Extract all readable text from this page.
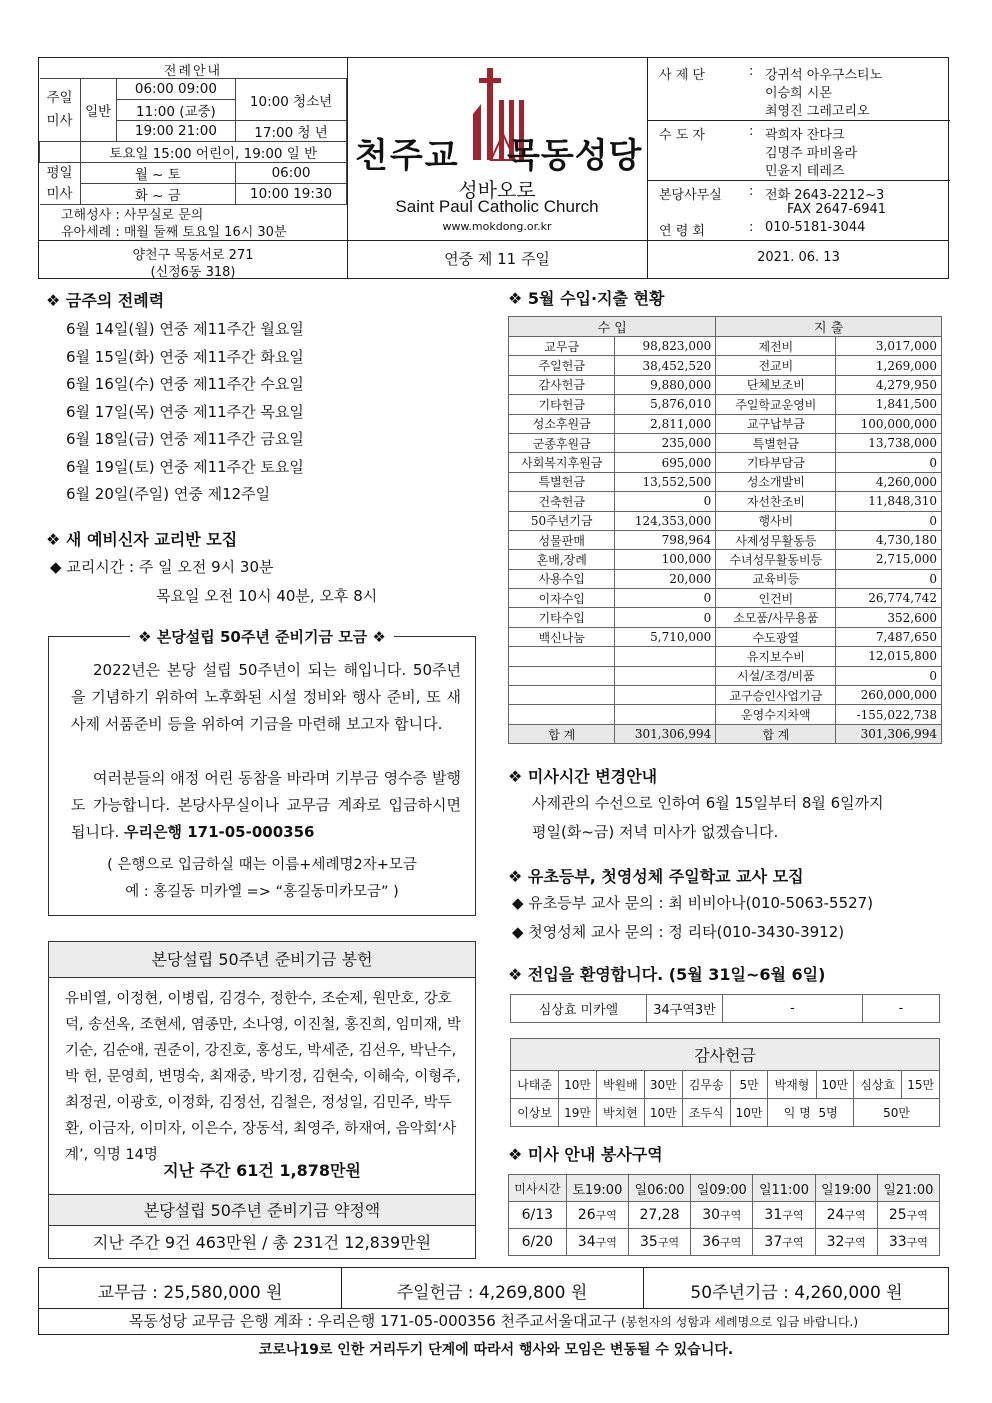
전례안내
주일
미사	일반	06:00 09:00	10:00 청소년
		11:00 (교중)	
		19:00 21:00	17:00 청 년
	토요일 15:00 어린이, 19:00 일 반		
평일
미사	월 ~ 토		06:00
	화 ~ 금		10:00 19:30
고해성사 : 사무실로 문의
유아세례 : 매월 둘째 토요일 16시 30분
양천구 목동서로 271
(신정6동 318)
천주교 목동성당
성바오로
Saint Paul Catholic Church
www.mokdong.or.kr
연중 제 11 주일
사 제 단	: 강귀석 아우구스티노
이승희 시몬
최영진 그레고리오
수 도 자	: 곽희자 잔다크
김명주 파비올라
민윤지 테레즈
본당사무실 : 전화 2643-2212~3
FAX 2647-6941
연 령 회	: 010-5181-3044
2021. 06. 13
❖ 금주의 전례력
6월 14일(월) 연중 제11주간 월요일
6월 15일(화) 연중 제11주간 화요일
6월 16일(수) 연중 제11주간 수요일
6월 17일(목) 연중 제11주간 목요일
6월 18일(금) 연중 제11주간 금요일
6월 19일(토) 연중 제11주간 토요일
6월 20일(주일) 연중 제12주일
❖ 새 예비신자 교리반 모집
◆ 교리시간 : 주 일 오전 9시 30분
목요일 오전 10시 40분, 오후 8시
❖ 본당설립 50주년 준비기금 모금 ❖
2022년은 본당 설립 50주년이 되는 해입니다. 50주년을 기념하기 위하여 노후화된 시설 정비와 행사 준비, 또 새사제 서품준비 등을 위하여 기금을 마련해 보고자 합니다.
여러분들의 애정 어린 동참을 바라며 기부금 영수증 발행도 가능합니다. 본당사무실이나 교무금 계좌로 입금하시면 됩니다. 우리은행 171-05-000356
( 은행으로 입금하실 때는 이름+세례명2자+모금
예 : 홍길동 미카엘 => “홍길동미카모금” )
본당설립 50주년 준비기금 봉헌
유비열, 이정현, 이병립, 김경수, 정한수, 조순제, 원만호, 강호덕, 송선옥, 조현세, 염종만, 소나영, 이진철, 홍진희, 임미재, 박기순, 김순애, 권준이, 강진호, 홍성도, 박세준, 김선우, 박난수, 박 헌, 문영희, 변명숙, 최재중, 박기정, 김현숙, 이해숙, 이형주, 최정권, 이광호, 이정화, 김정선, 김철은, 정성일, 김민주, 박두환, 이금자, 이미자, 이은수, 장동석, 최영주, 하재여, 음악회‘사계’, 익명 14명
지난 주간 61건 1,878만원
본당설립 50주년 준비기금 약정액
지난 주간 9건 463만원 / 총 231건 12,839만원
❖ 5월 수입·지출 현황
수 입		지 출	
교무금	98,823,000	제전비	3,017,000
주일헌금	38,452,520	전교비	1,269,000
감사헌금	9,880,000	단체보조비	4,279,950
기타헌금	5,876,010	주일학교운영비	1,841,500
성소후원금	2,811,000	교구납부금	100,000,000
군종후원금	235,000	특별헌금	13,738,000
사회복지후원금	695,000	기타부담금	0
특별헌금	13,552,500	성소개발비	4,260,000
건축헌금	0	자선찬조비	11,848,310
50주년기금	124,353,000	행사비	0
성물판매	798,964	사제성무활동등	4,730,180
혼배,장례	100,000	수녀성무활동비등	2,715,000
사용수입	20,000	교육비등	0
이자수입	0	인건비	26,774,742
기타수입	0	소모품/사무용품	352,600
백신나눔	5,710,000	수도광열	7,487,650
		유지보수비	12,015,800
		시설/조경/비품	0
		교구승인사업기금	260,000,000
		운영수지차액	-155,022,738
합 계	301,306,994	합 계	301,306,994
❖ 미사시간 변경안내
사제관의 수선으로 인하여 6월 15일부터 8월 6일까지
평일(화~금) 저녁 미사가 없겠습니다.
❖ 유초등부, 첫영성체 주일학교 교사 모집
◆ 유초등부 교사 문의 : 최 비비아나(010-5063-5527)
◆ 첫영성체 교사 문의 : 정 리타(010-3430-3912)
❖ 전입을 환영합니다. (5월 31일~6월 6일)
심상효 미카엘	34구역3반	-	-
감사헌금									
나태준	10만	박원배	30만	김무송	5만	박재형	10만	심상효	15만
이상보	19만	박치현	10만	조두식	10만	익 명 5명		50만	
❖ 미사 안내 봉사구역
미사시간	토19:00	일06:00	일09:00	일11:00	일19:00	일21:00
6/13	26구역	27,28	30구역	31구역	24구역	25구역
6/20	34구역	35구역	36구역	37구역	32구역	33구역
교무금 : 25,580,000 원	주일헌금 : 4,269,800 원	50주년기금 : 4,260,000 원
목동성당 교무금 은행 계좌 : 우리은행 171-05-000356 천주교서울대교구 (봉헌자의 성함과 세례명으로 입금 바랍니다.)
코로나19로 인한 거리두기 단계에 따라서 행사와 모임은 변동될 수 있습니다.
